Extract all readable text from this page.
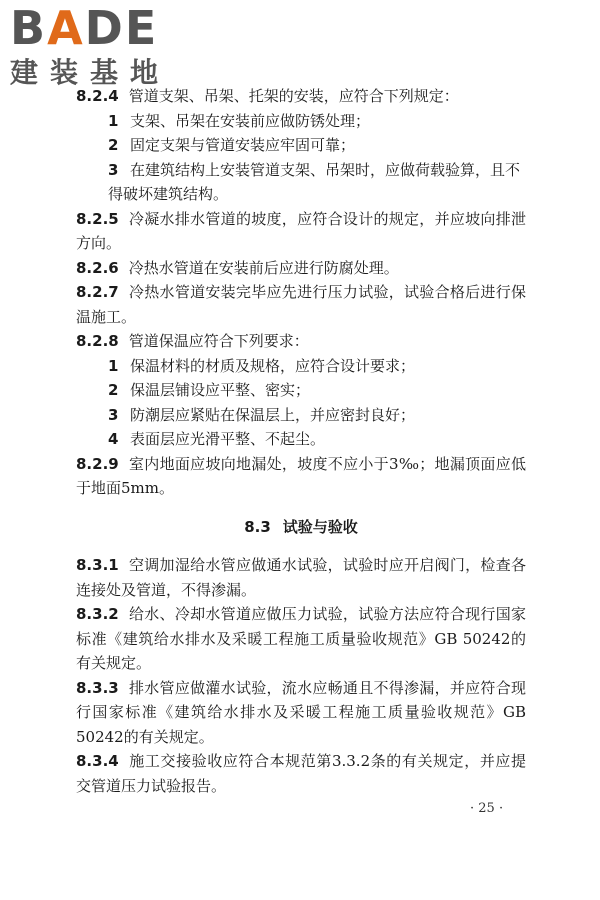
BADE
建装基地

8.2.4 管道支架、吊架、托架的安装，应符合下列规定：

1 支架、吊架在安装前应做防锈处理；

2 固定支架与管道安装应牢固可靠；

3 在建筑结构上安装管道支架、吊架时，应做荷载验算，且不得破坏建筑结构。

8.2.5 冷凝水排水管道的坡度，应符合设计的规定，并应坡向排泄方向。

8.2.6 冷热水管道在安装前后应进行防腐处理。

8.2.7 冷热水管道安装完毕应先进行压力试验，试验合格后进行保温施工。

8.2.8 管道保温应符合下列要求：

1 保温材料的材质及规格，应符合设计要求；

2 保温层铺设应平整、密实；

3 防潮层应紧贴在保温层上，并应密封良好；

4 表面层应光滑平整、不起尘。

8.2.9 室内地面应坡向地漏处，坡度不应小于3‰；地漏顶面应低于地面5mm。

8.3 试验与验收

8.3.1 空调加湿给水管应做通水试验，试验时应开启阀门，检查各连接处及管道，不得渗漏。

8.3.2 给水、冷却水管道应做压力试验，试验方法应符合现行国家标准《建筑给水排水及采暖工程施工质量验收规范》GB 50242的有关规定。

8.3.3 排水管应做灌水试验，流水应畅通且不得渗漏，并应符合现行国家标准《建筑给水排水及采暖工程施工质量验收规范》GB 50242的有关规定。

8.3.4 施工交接验收应符合本规范第3.3.2条的有关规定，并应提交管道压力试验报告。

· 25 ·
